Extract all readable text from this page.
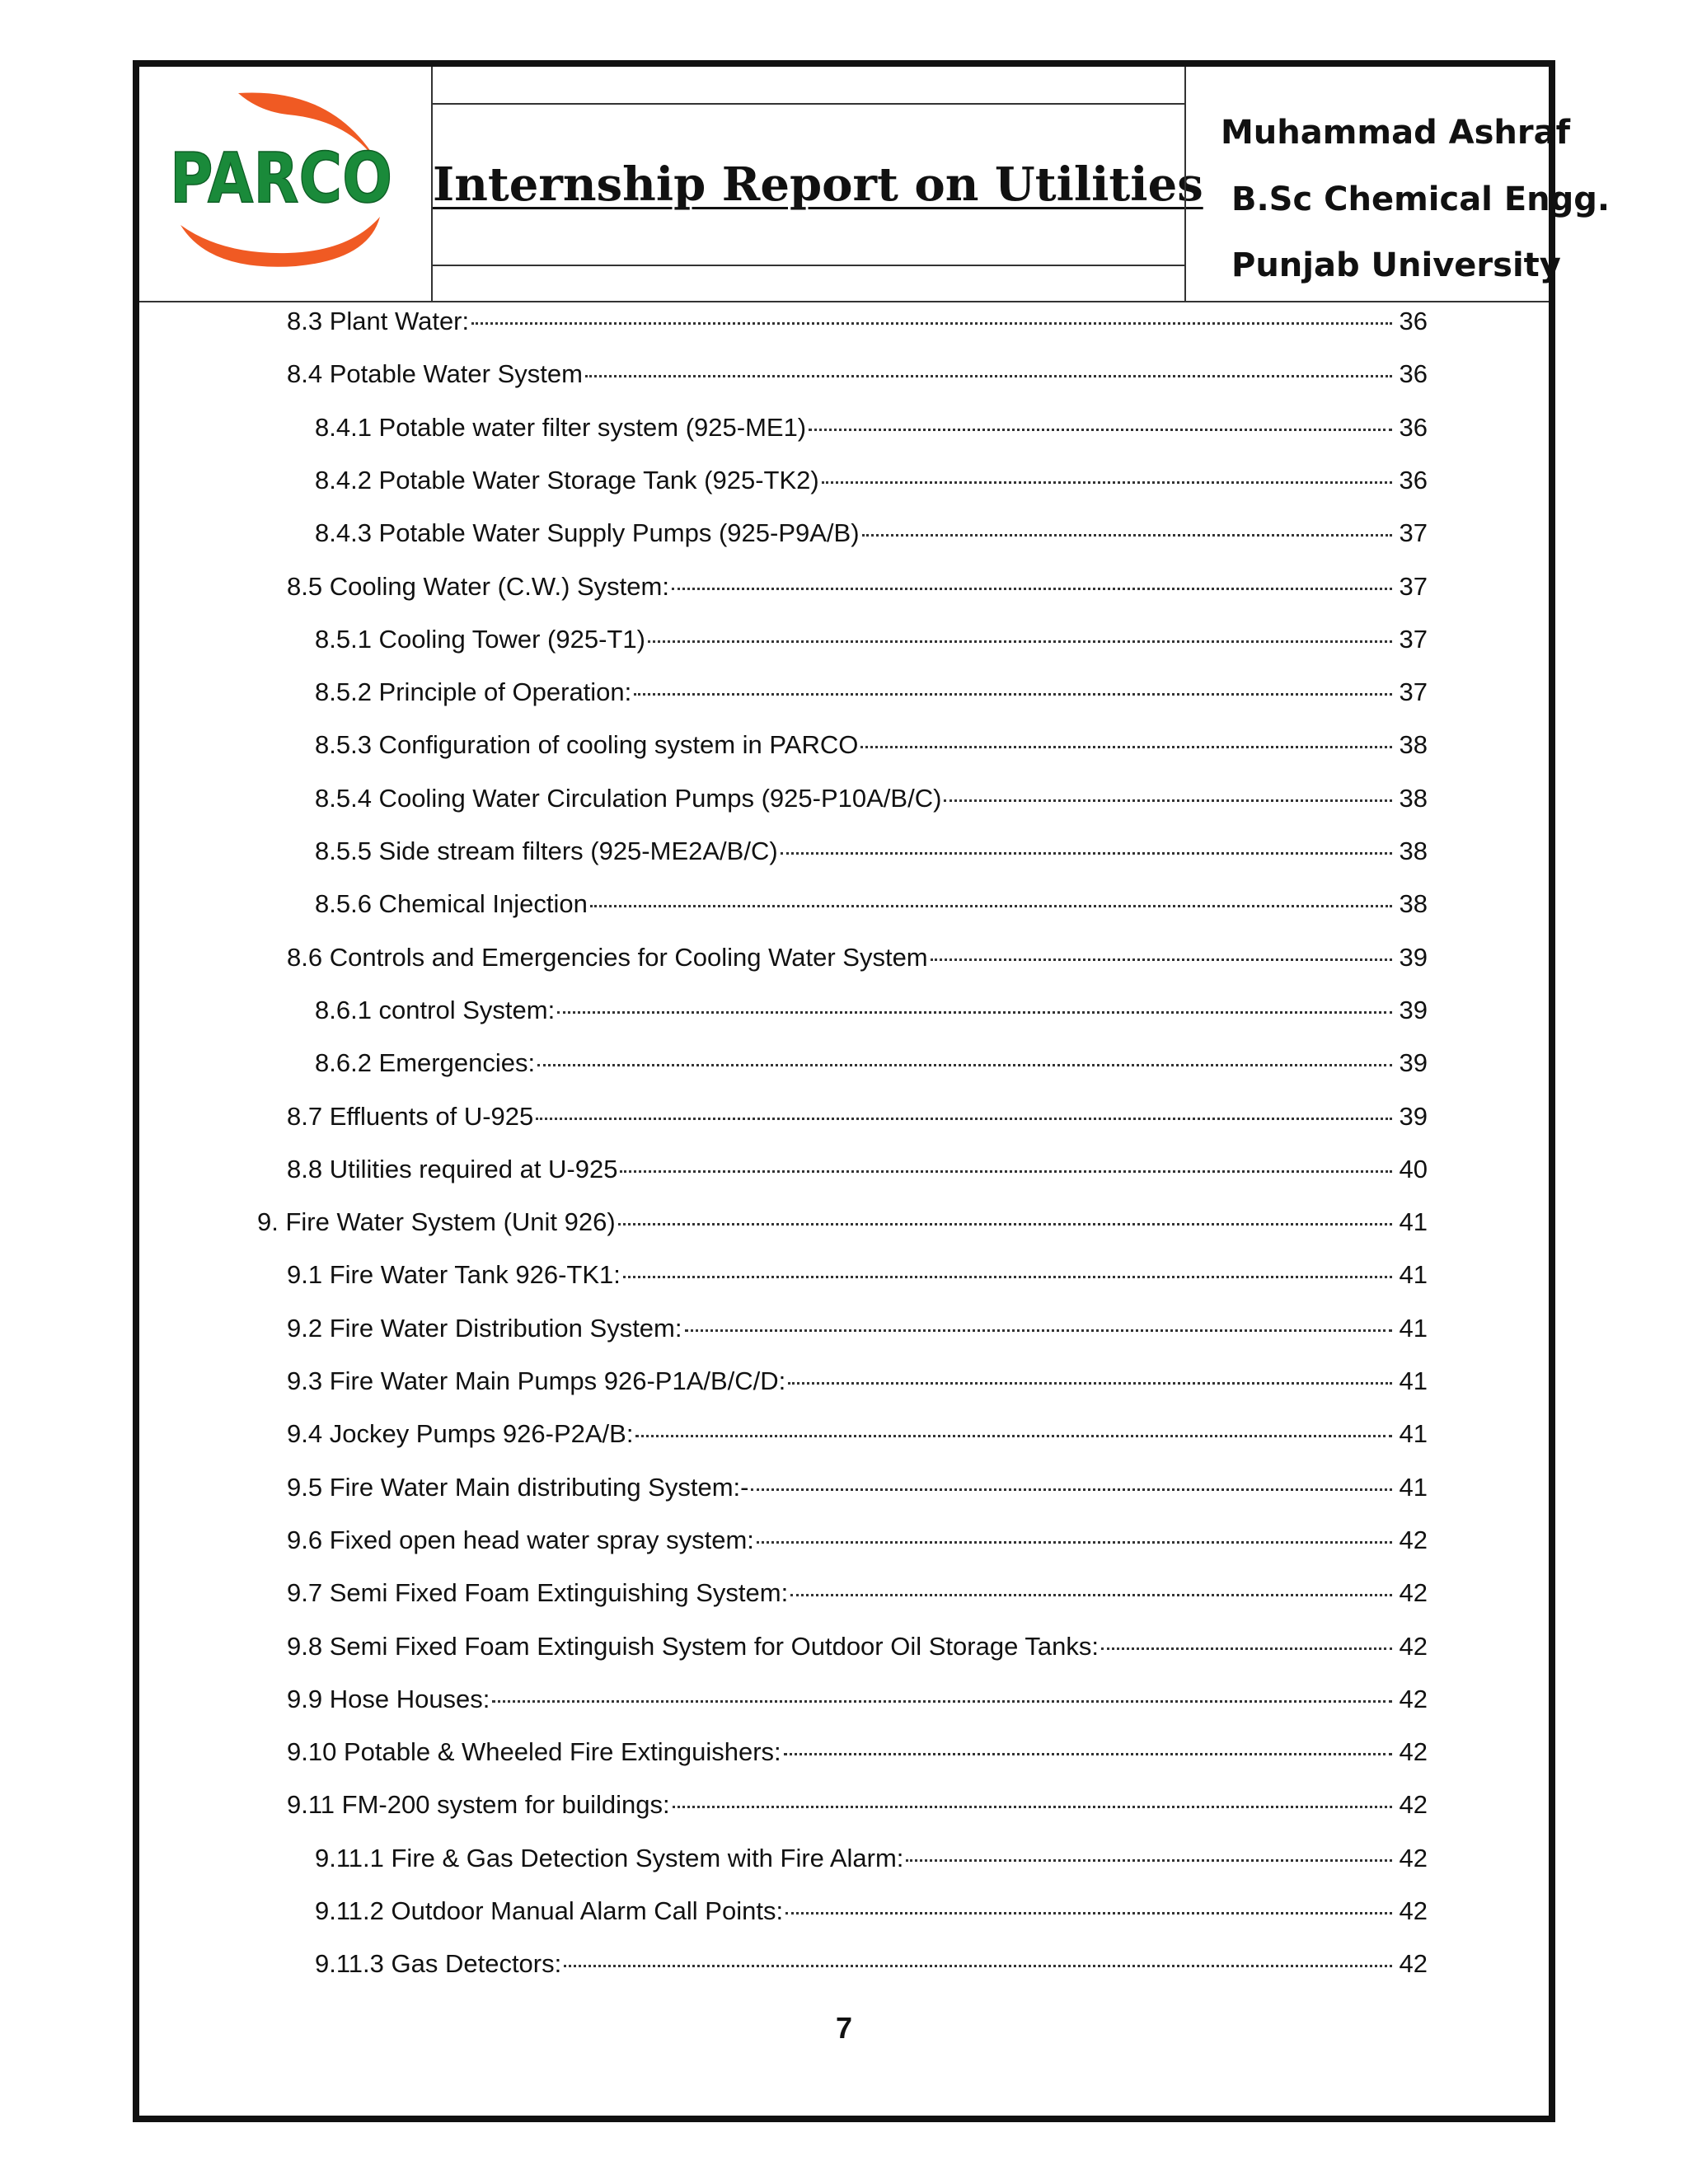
PARCO Internship Report on Utilities
Muhammad Ashraf
B.Sc Chemical Engg.
Punjab University
8.3 Plant Water:	36
8.4 Potable Water System	36
8.4.1 Potable water filter system (925-ME1)	36
8.4.2 Potable Water Storage Tank (925-TK2)	36
8.4.3 Potable Water Supply Pumps (925-P9A/B)	37
8.5 Cooling Water (C.W.) System:	37
8.5.1 Cooling Tower (925-T1)	37
8.5.2 Principle of Operation:	37
8.5.3 Configuration of cooling system in PARCO	38
8.5.4 Cooling Water Circulation Pumps (925-P10A/B/C)	38
8.5.5 Side stream filters (925-ME2A/B/C)	38
8.5.6 Chemical Injection	38
8.6 Controls and Emergencies for Cooling Water System	39
8.6.1 control System:	39
8.6.2 Emergencies:	39
8.7 Effluents of U-925	39
8.8 Utilities required at U-925	40
9. Fire Water System (Unit 926)	41
9.1 Fire Water Tank 926-TK1:	41
9.2 Fire Water Distribution System:	41
9.3 Fire Water Main Pumps 926-P1A/B/C/D:	41
9.4 Jockey Pumps 926-P2A/B:	41
9.5 Fire Water Main distributing System:-	41
9.6 Fixed open head water spray system:	42
9.7 Semi Fixed Foam Extinguishing System:	42
9.8 Semi Fixed Foam Extinguish System for Outdoor Oil Storage Tanks:	42
9.9 Hose Houses:	42
9.10 Potable & Wheeled Fire Extinguishers:	42
9.11 FM-200 system for buildings:	42
9.11.1 Fire & Gas Detection System with Fire Alarm:	42
9.11.2 Outdoor Manual Alarm Call Points:	42
9.11.3 Gas Detectors:	42
7
